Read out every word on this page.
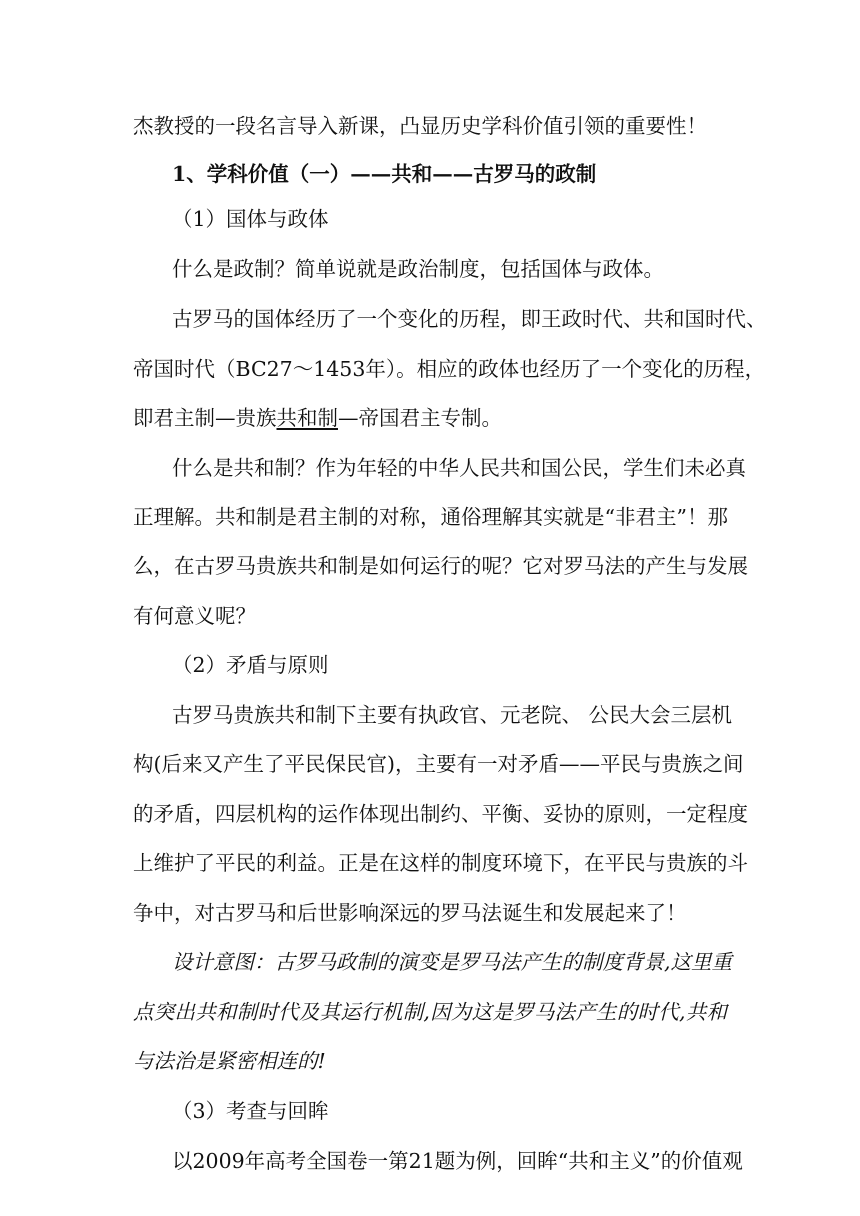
杰教授的一段名言导入新课，凸显历史学科价值引领的重要性！
1、学科价值（一）——共和——古罗马的政制
（1）国体与政体
什么是政制？简单说就是政治制度，包括国体与政体。
古罗马的国体经历了一个变化的历程，即王政时代、共和国时代、
帝国时代（BC27～1453年）。相应的政体也经历了一个变化的历程，
即君主制—贵族共和制—帝国君主专制。
什么是共和制？作为年轻的中华人民共和国公民，学生们未必真
正理解。共和制是君主制的对称，通俗理解其实就是“非君主”！那
么，在古罗马贵族共和制是如何运行的呢？它对罗马法的产生与发展
有何意义呢？
（2）矛盾与原则
古罗马贵族共和制下主要有执政官、元老院、 公民大会三层机
构(后来又产生了平民保民官)，主要有一对矛盾——平民与贵族之间
的矛盾，四层机构的运作体现出制约、平衡、妥协的原则，一定程度
上维护了平民的利益。正是在这样的制度环境下，在平民与贵族的斗
争中，对古罗马和后世影响深远的罗马法诞生和发展起来了！
设计意图：古罗马政制的演变是罗马法产生的制度背景,这里重
点突出共和制时代及其运行机制,因为这是罗马法产生的时代,共和
与法治是紧密相连的!
（3）考查与回眸
以2009年高考全国卷一第21题为例，回眸“共和主义”的价值观
